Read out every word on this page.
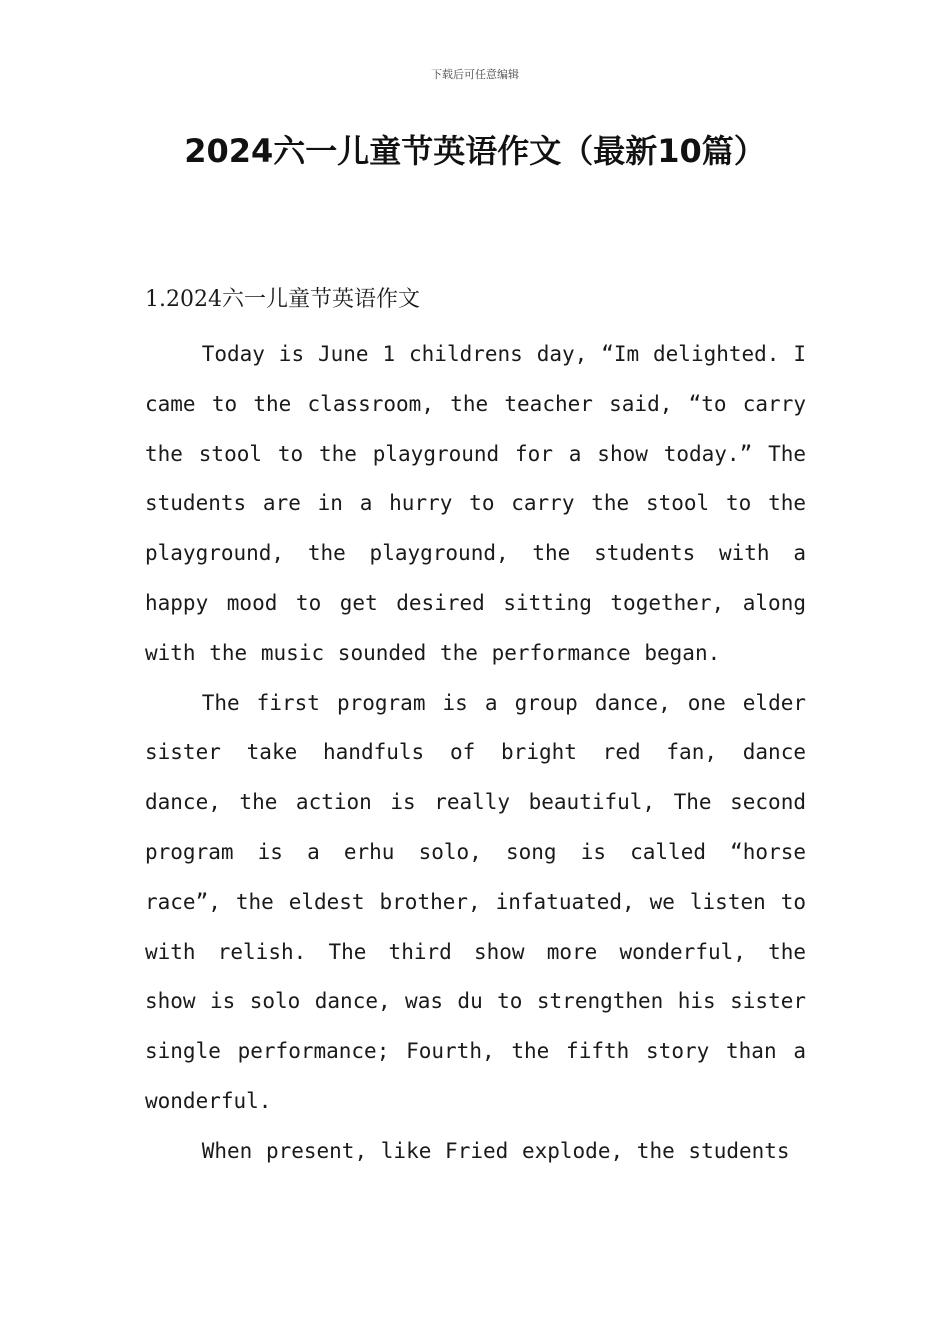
下载后可任意编辑
2024六一儿童节英语作文（最新10篇）
1.2024六一儿童节英语作文

Today is June 1 childrens day, “Im delighted. I came to the classroom, the teacher said, “to carry the stool to the playground for a show today.” The students are in a hurry to carry the stool to the playground, the playground, the students with a happy mood to get desired sitting together, along with the music sounded the performance began.

The first program is a group dance, one elder sister take handfuls of bright red fan, dance dance, the action is really beautiful, The second program is a erhu solo, song is called “horse race”, the eldest brother, infatuated, we listen to with relish. The third show more wonderful, the show is solo dance, was du to strengthen his sister single performance; Fourth, the fifth story than a wonderful.

When present, like Fried explode, the students
